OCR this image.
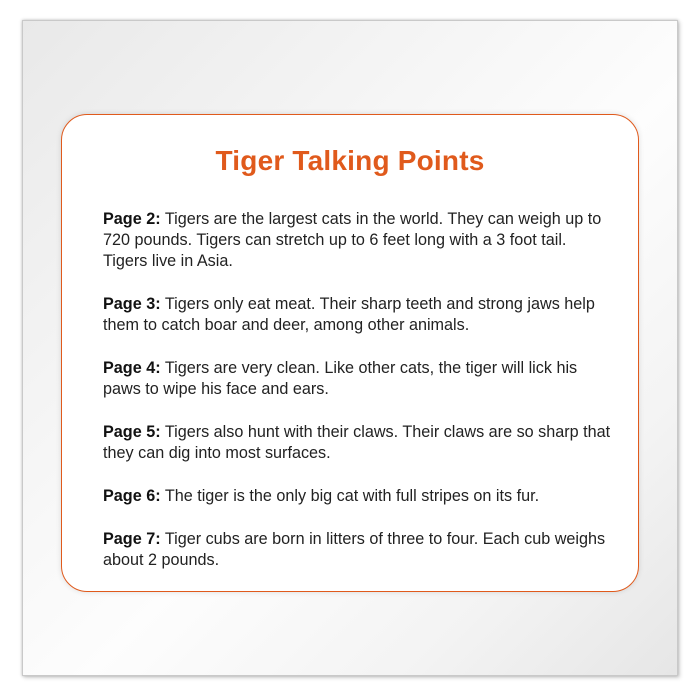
Tiger Talking Points
Page 2: Tigers are the largest cats in the world. They can weigh up to 720 pounds. Tigers can stretch up to 6 feet long with a 3 foot tail. Tigers live in Asia.
Page 3: Tigers only eat meat. Their sharp teeth and strong jaws help them to catch boar and deer, among other animals.
Page 4: Tigers are very clean. Like other cats, the tiger will lick his paws to wipe his face and ears.
Page 5: Tigers also hunt with their claws. Their claws are so sharp that they can dig into most surfaces.
Page 6: The tiger is the only big cat with full stripes on its fur.
Page 7: Tiger cubs are born in litters of three to four. Each cub weighs about 2 pounds.
